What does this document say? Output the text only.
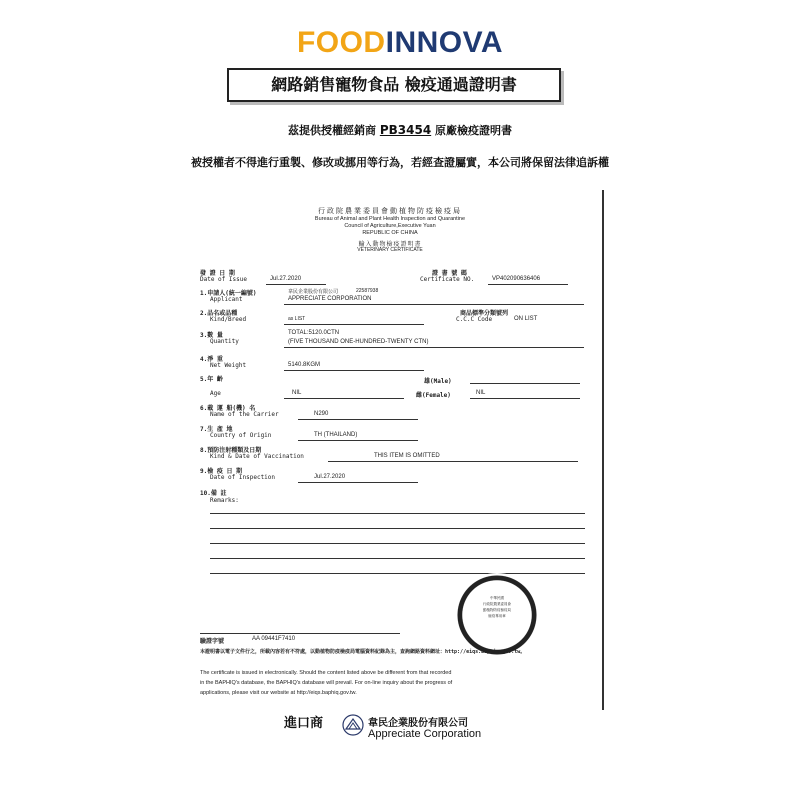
FOODINNOVA
網路銷售寵物食品 檢疫通過證明書
茲提供授權經銷商 PB3454 原廠檢疫證明書
被授權者不得進行重製、修改或挪用等行為，若經查證屬實，本公司將保留法律追訴權
行政院農業委員會動植物防疫檢疫局
Bureau of Animal and Plant Health Inspection and Quarantine
Council of Agriculture,Executive Yuan
REPUBLIC OF CHINA
輸入動物檢疫證明書
VETERINARY CERTIFICATE
發 證 日 期
Date of Issue	Jul.27.2020
證 書 號 碼
Certificate NO.	VP402090636406
1.申請人(統一編號)
Applicant
韋民企業股份有限公司	22587938
APPRECIATE CORPORATION
2.品名或品種
Kind/Breed	as LIST
商品標準分類號列
C.C.C Code	ON LIST
3.數 量
Quantity
TOTAL:5120.0CTN
(FIVE THOUSAND ONE-HUNDRED-TWENTY CTN)
4.淨 重
Net Weight	5140.8KGM
5.年 齡
Age	NIL
雄(Male)
雌(Female)	NIL
6.載 運 船(機) 名
Name of the Carrier	N290
7.生 產 地
Country of Origin	TH (THAILAND)
8.預防注射種類及日期
Kind & Date of Vaccination	THIS ITEM IS OMITTED
9.檢 疫 日 期
Date of Inspection	Jul.27.2020
10.備 註
Remarks:
中華民國
行政院農業委員會
動植物防疫檢疫局
檢疫專用章
驗證字號	AA 09441F7410
本證明書以電子文件行之，所載內容若有不符處，以動植物防疫檢疫局電腦資料紀錄為主，查詢網路資料網址：http://eiqs.baphiq.gov.tw。
The certificate is issued in electronically. Should the content listed above be different from that recorded
in the BAPHIQ's database, the BAPHIQ's database will prevail. For on-line inquiry about the progress of
applications, please visit our website at http://eiqs.baphiq.gov.tw.
進口商	韋民企業股份有限公司
Appreciate Corporation
